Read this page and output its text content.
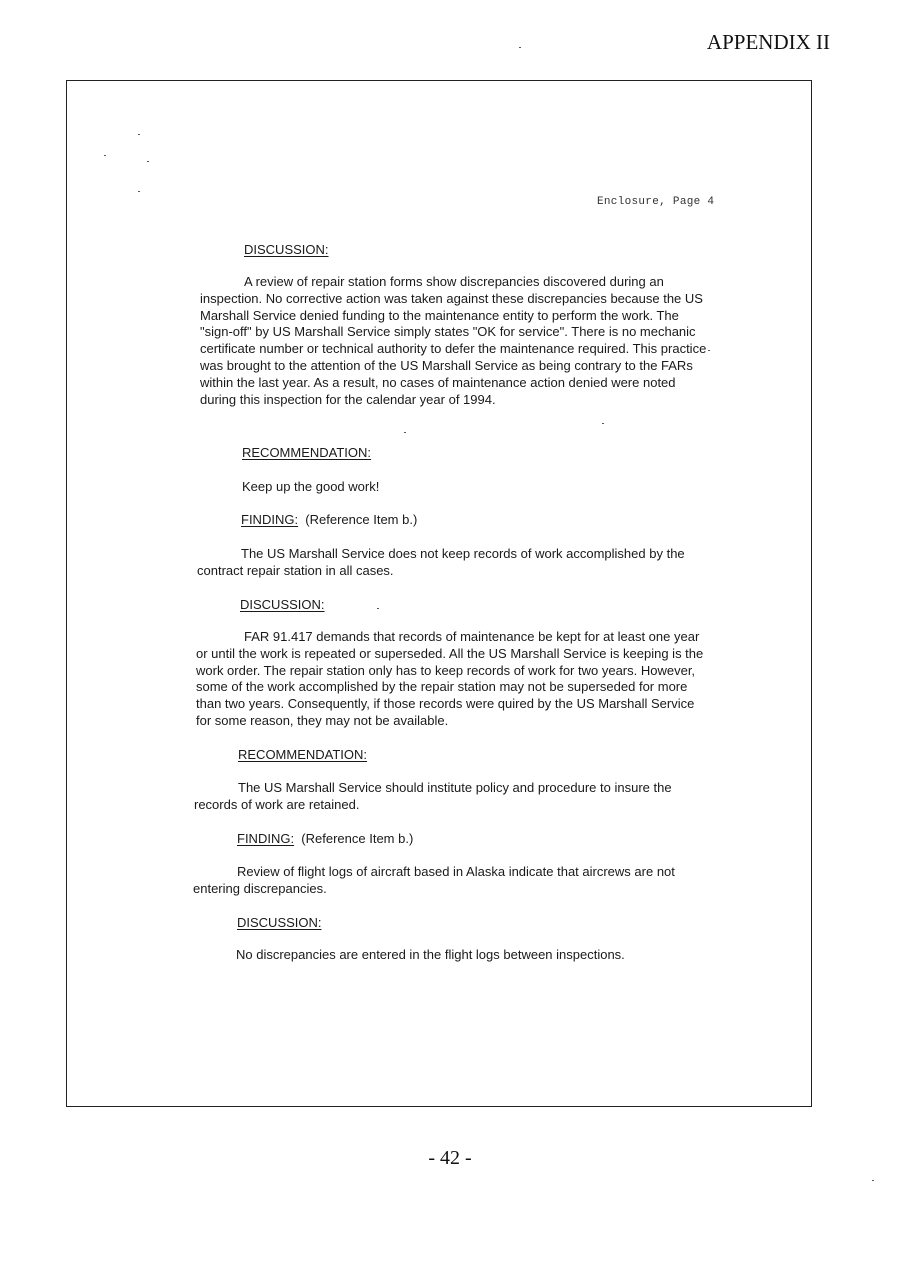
APPENDIX II
Enclosure, Page 4
DISCUSSION:
A review of repair station forms show discrepancies discovered during an inspection. No corrective action was taken against these discrepancies because the US Marshall Service denied funding to the maintenance entity to perform the work. The "sign-off" by US Marshall Service simply states "OK for service". There is no mechanic certificate number or technical authority to defer the maintenance required. This practice was brought to the attention of the US Marshall Service as being contrary to the FARs within the last year. As a result, no cases of maintenance action denied were noted during this inspection for the calendar year of 1994.
RECOMMENDATION:
Keep up the good work!
FINDING: (Reference Item b.)
The US Marshall Service does not keep records of work accomplished by the contract repair station in all cases.
DISCUSSION:
FAR 91.417 demands that records of maintenance be kept for at least one year or until the work is repeated or superseded. All the US Marshall Service is keeping is the work order. The repair station only has to keep records of work for two years. However, some of the work accomplished by the repair station may not be superseded for more than two years. Consequently, if those records were quired by the US Marshall Service for some reason, they may not be available.
RECOMMENDATION:
The US Marshall Service should institute policy and procedure to insure the records of work are retained.
FINDING: (Reference Item b.)
Review of flight logs of aircraft based in Alaska indicate that aircrews are not entering discrepancies.
DISCUSSION:
No discrepancies are entered in the flight logs between inspections.
- 42 -
